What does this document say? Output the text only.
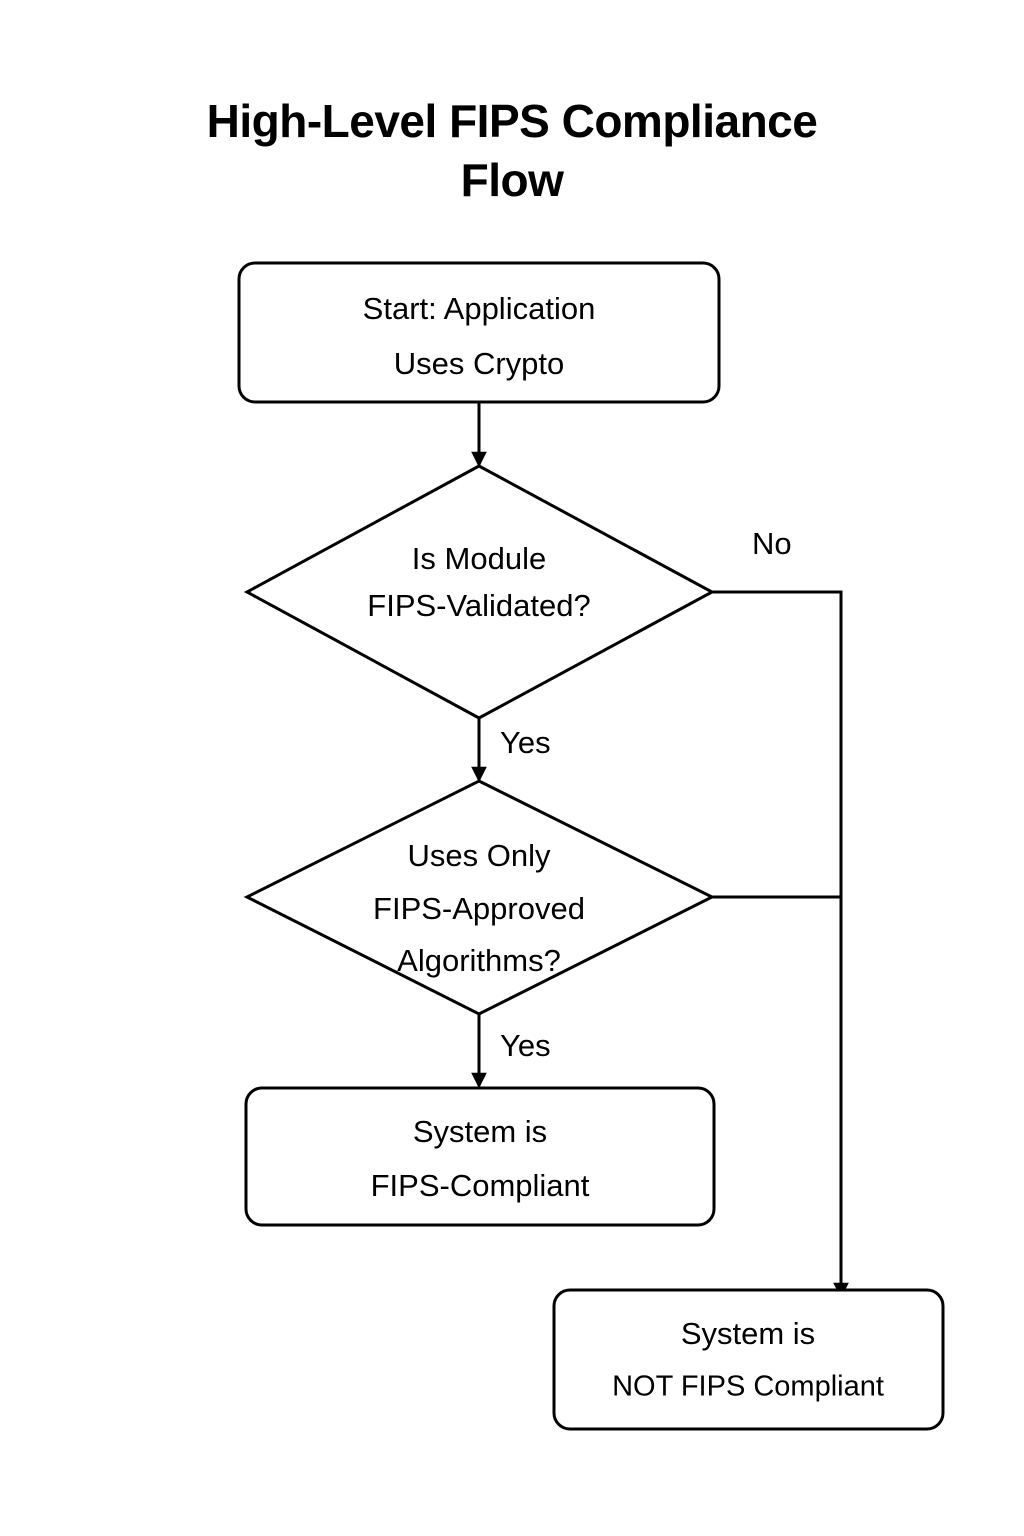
High-Level FIPS Compliance
Flow
No
Yes
Yes
Start: Application
Uses Crypto
Is Module
FIPS-Validated?
Uses Only
FIPS-Approved
Algorithms?
System is
FIPS-Compliant
System is
NOT FIPS Compliant
